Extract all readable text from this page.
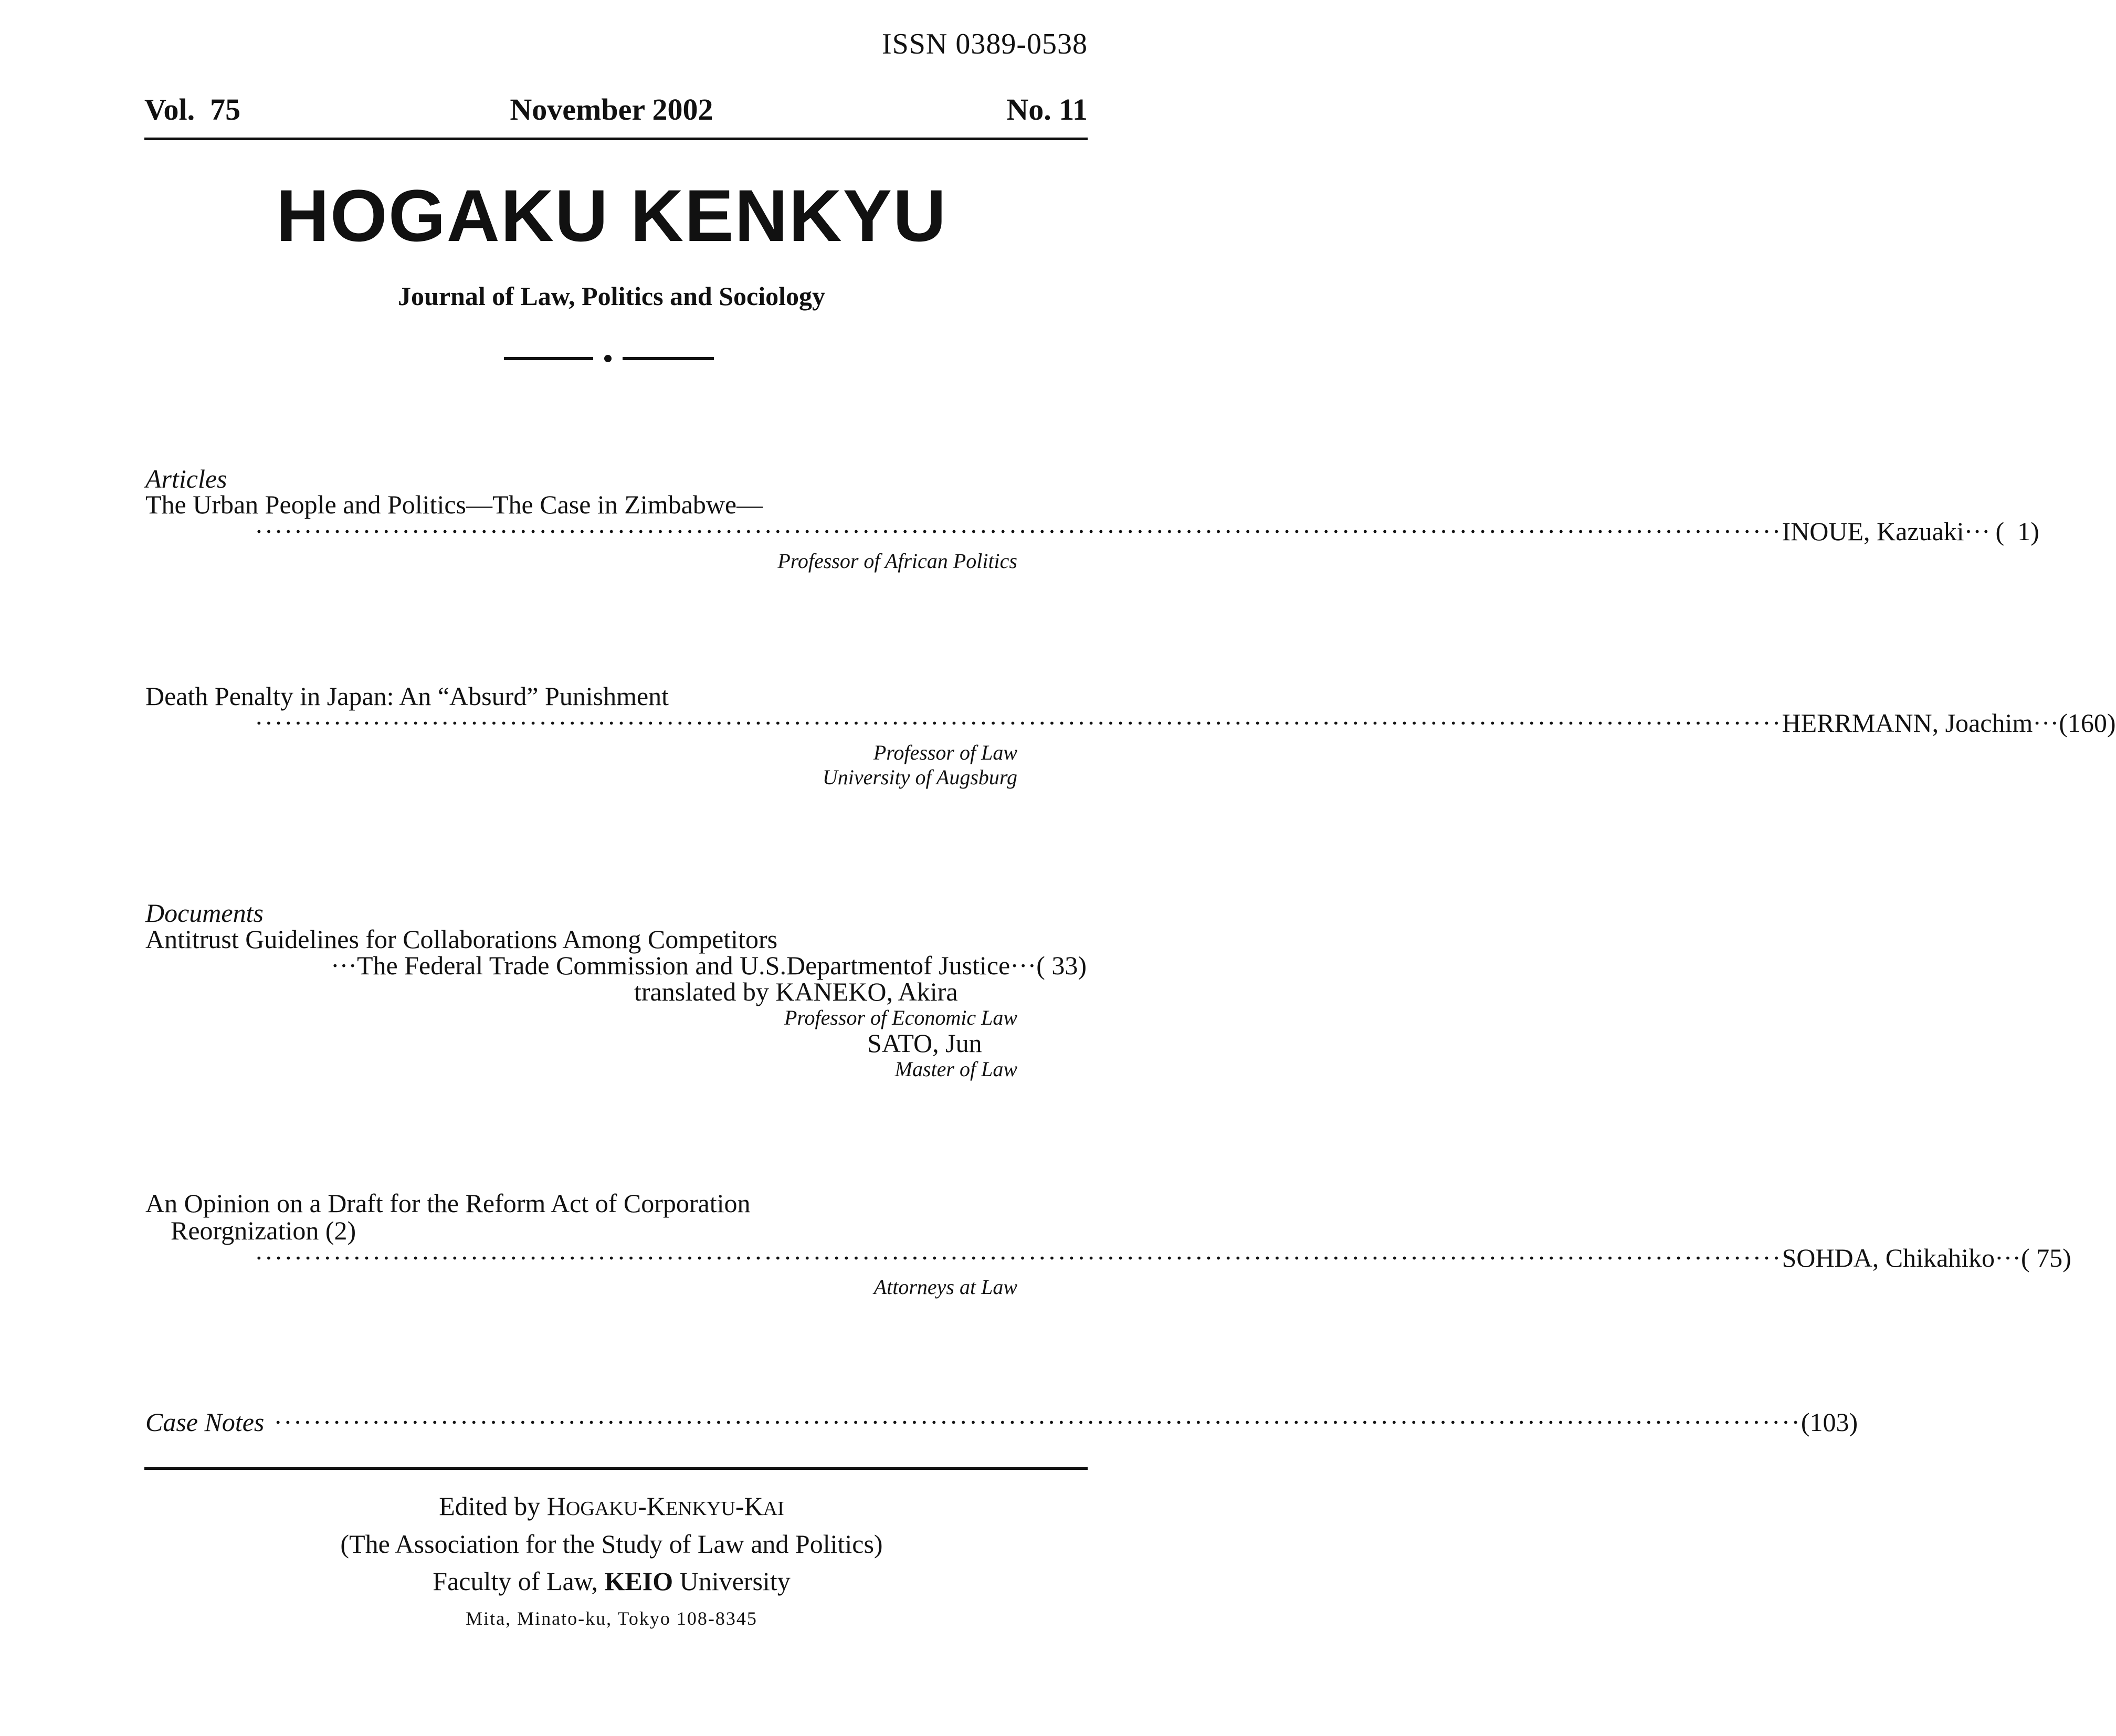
ISSN 0389-0538
Vol.  75	November 2002	No. 11
HOGAKU KENKYU
Journal of Law, Politics and Sociology
Articles
The Urban People and Politics—The Case in Zimbabwe—
···························································································································································· INOUE, Kazuaki··· (  1)
Professor of African Politics
Death Penalty in Japan: An “Absurd” Punishment
···························································································································································· HERRMANN, Joachim··· (160)
Professor of Law
University of Augsburg
Documents
Antitrust Guidelines for Collaborations Among Competitors
···The Federal Trade Commission and U.S.Departmentof Justice···( 33)
translated by KANEKO, Akira
Professor of Economic Law
SATO, Jun
Master of Law
An Opinion on a Draft for the Reform Act of Corporation
Reorgnization (2)
···························································································································································· SOHDA, Chikahiko··· ( 75)
Attorneys at Law
Case Notes ···························································································································································· (103)
Edited by HOGAKU-KENKYU-KAI
(The Association for the Study of Law and Politics)
Faculty of Law, KEIO University
Mita, Minato-ku, Tokyo 108-8345
